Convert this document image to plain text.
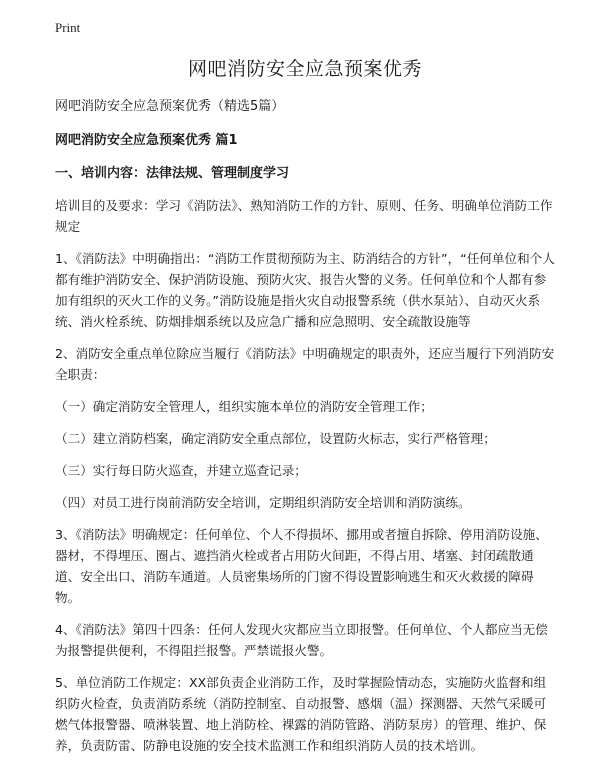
Print
网吧消防安全应急预案优秀
网吧消防安全应急预案优秀（精选5篇）
网吧消防安全应急预案优秀 篇1
一、培训内容：法律法规、管理制度学习

培训目的及要求：学习《消防法》、熟知消防工作的方针、原则、任务、明确单位消防工作规定

1、《消防法》中明确指出：“消防工作贯彻预防为主、防消结合的方针”，“任何单位和个人都有维护消防安全、保护消防设施、预防火灾、报告火警的义务。任何单位和个人都有参加有组织的灭火工作的义务。”消防设施是指火灾自动报警系统（供水泵站）、自动灭火系统、消火栓系统、防烟排烟系统以及应急广播和应急照明、安全疏散设施等

2、消防安全重点单位除应当履行《消防法》中明确规定的职责外，还应当履行下列消防安全职责：

（一）确定消防安全管理人，组织实施本单位的消防安全管理工作；

（二）建立消防档案，确定消防安全重点部位，设置防火标志，实行严格管理；

（三）实行每日防火巡查，并建立巡查记录；

（四）对员工进行岗前消防安全培训，定期组织消防安全培训和消防演练。

3、《消防法》明确规定：任何单位、个人不得损坏、挪用或者擅自拆除、停用消防设施、器材，不得埋压、圈占、遮挡消火栓或者占用防火间距，不得占用、堵塞、封闭疏散通道、安全出口、消防车通道。人员密集场所的门窗不得设置影响逃生和灭火救援的障碍物。

4、《消防法》第四十四条：任何人发现火灾都应当立即报警。任何单位、个人都应当无偿为报警提供便利，不得阻拦报警。严禁谎报火警。

5、单位消防工作规定：XX部负责企业消防工作，及时掌握险情动态，实施防火监督和组织防火检查，负责消防系统（消防控制室、自动报警、感烟（温）探测器、天然气采暖可燃气体报警器、喷淋装置、地上消防栓、裸露的消防管路、消防泵房）的管理、维护、保养，负责防雷、防静电设施的安全技术监测工作和组织消防人员的技术培训。
